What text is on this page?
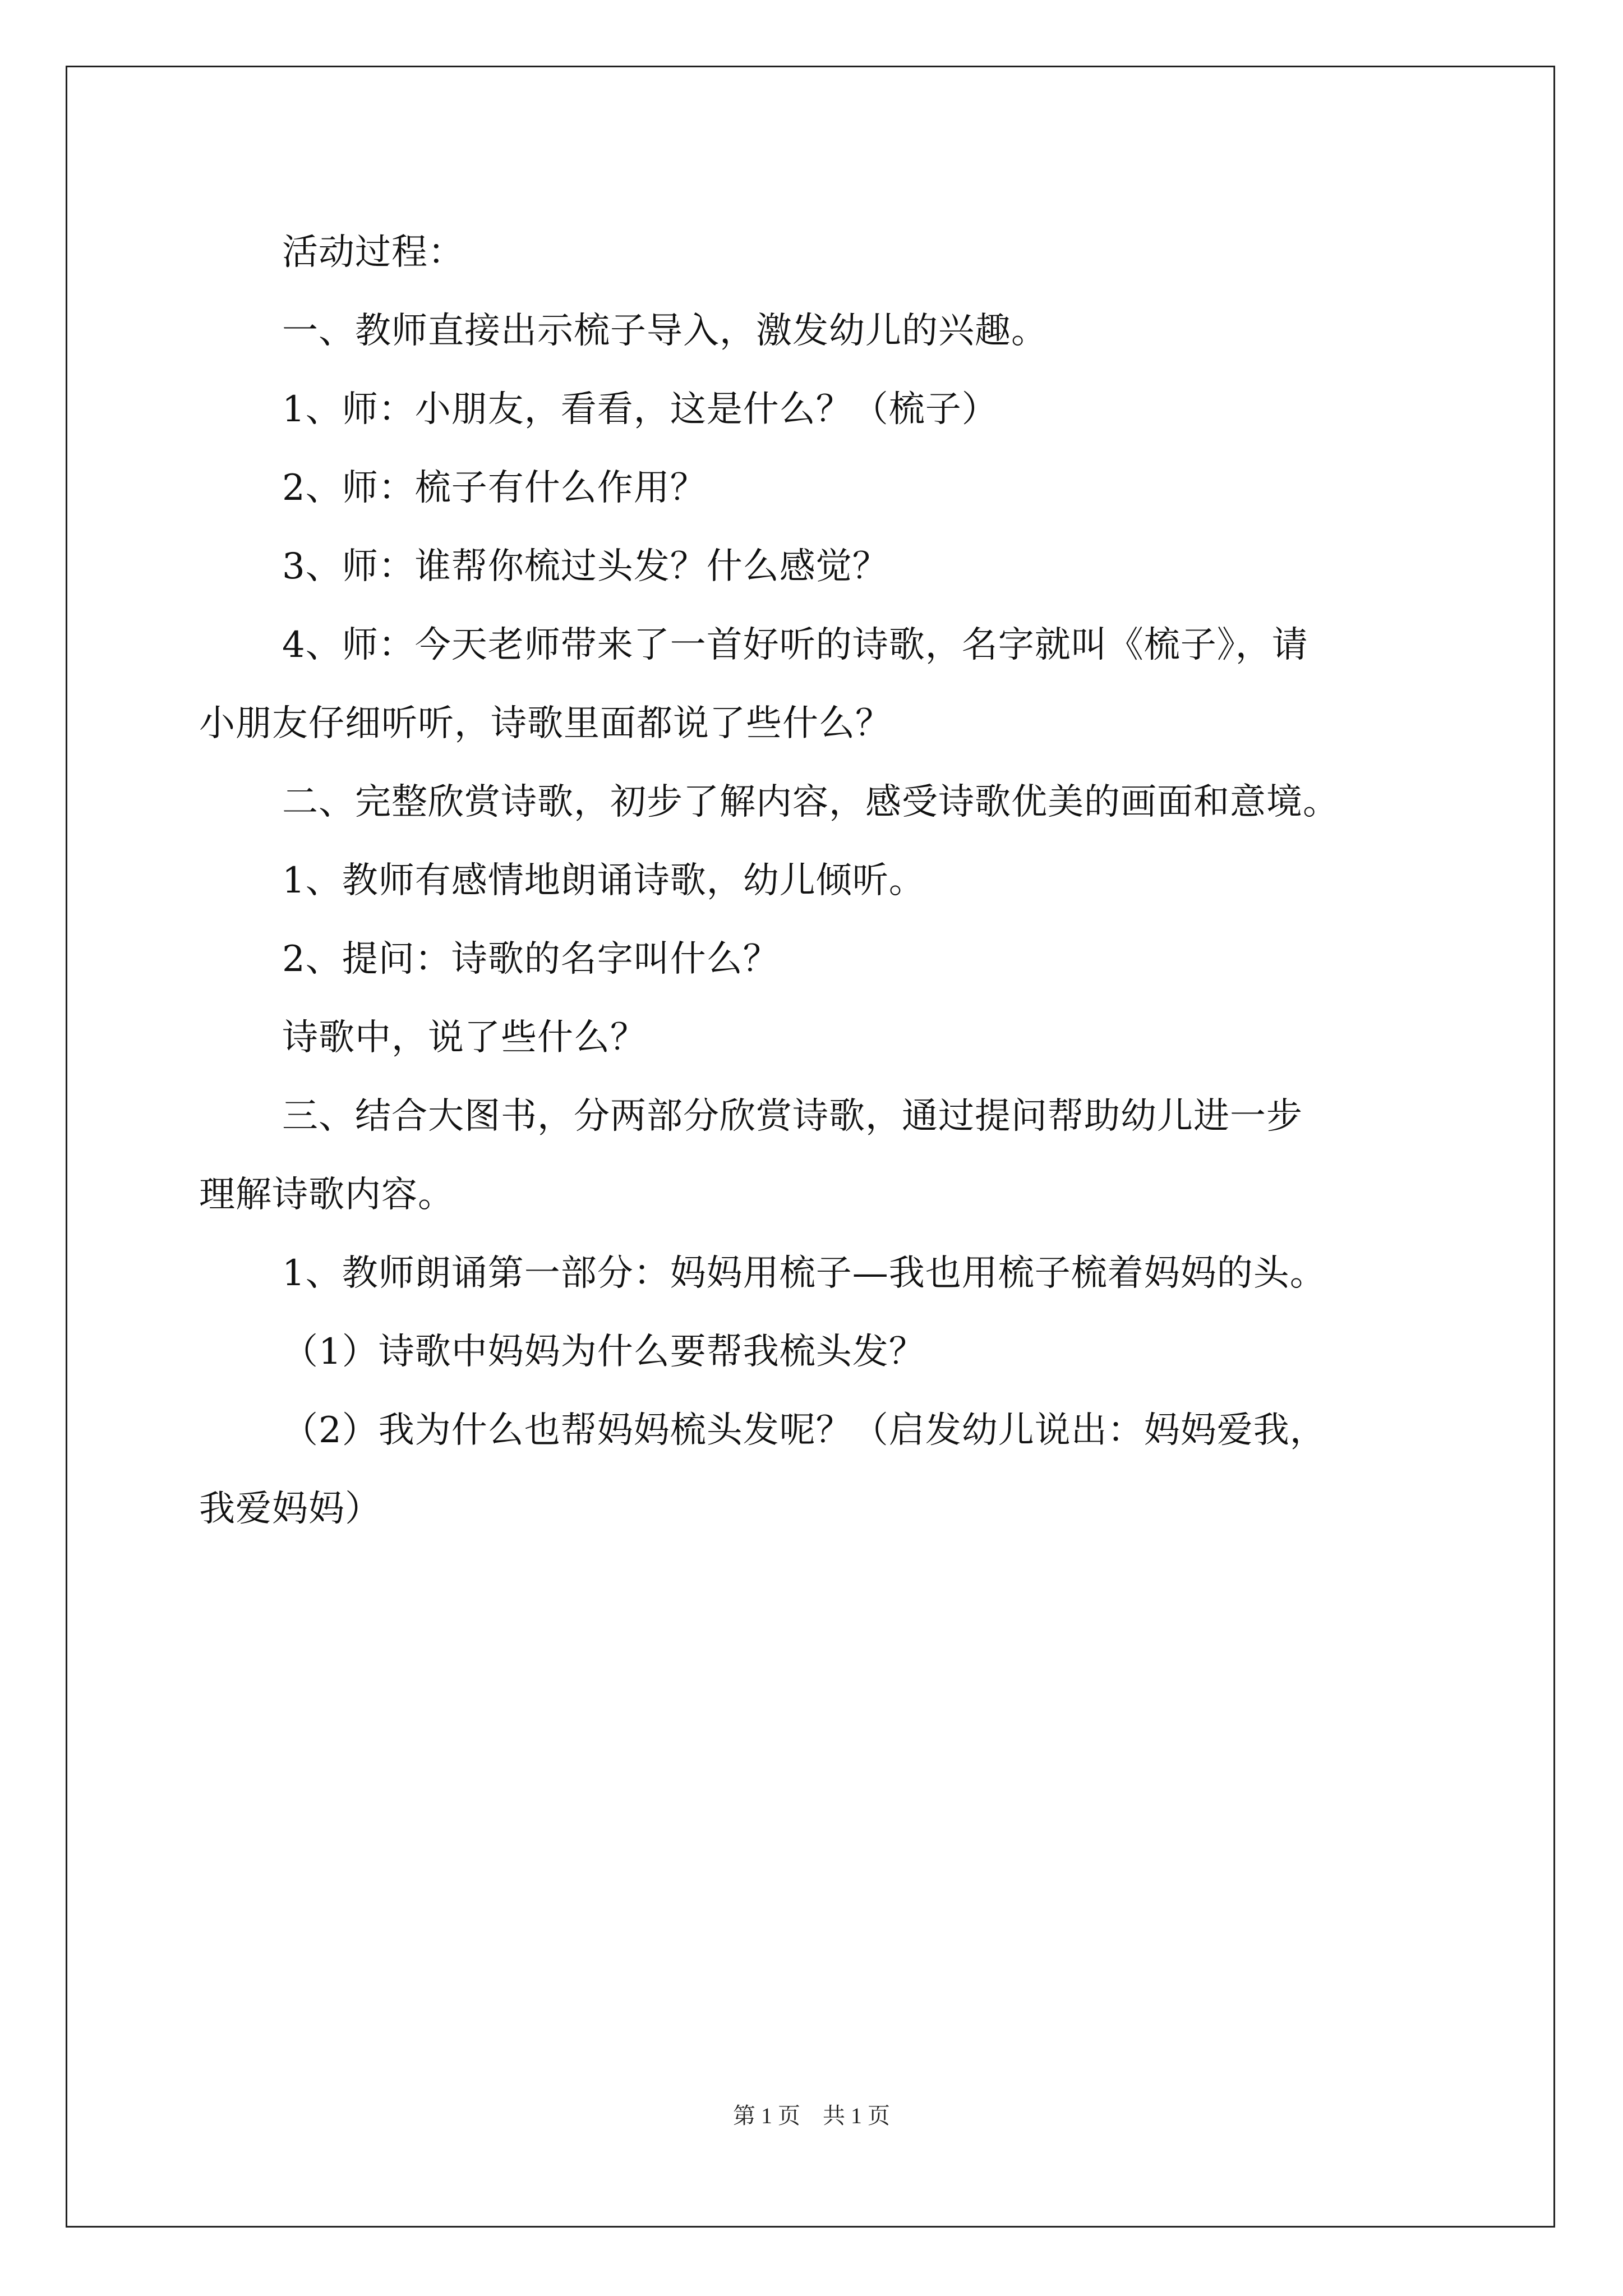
活动过程：

一、教师直接出示梳子导入，激发幼儿的兴趣。

1、师：小朋友，看看，这是什么？（梳子）

2、师：梳子有什么作用？

3、师：谁帮你梳过头发？什么感觉？

4、师：今天老师带来了一首好听的诗歌，名字就叫《梳子》，请

小朋友仔细听听，诗歌里面都说了些什么？

二、完整欣赏诗歌，初步了解内容，感受诗歌优美的画面和意境。

1、教师有感情地朗诵诗歌，幼儿倾听。

2、提问：诗歌的名字叫什么？

诗歌中，说了些什么？

三、结合大图书，分两部分欣赏诗歌，通过提问帮助幼儿进一步

理解诗歌内容。

1、教师朗诵第一部分：妈妈用梳子—我也用梳子梳着妈妈的头。

（1）诗歌中妈妈为什么要帮我梳头发？

（2）我为什么也帮妈妈梳头发呢？（启发幼儿说出：妈妈爱我，

我爱妈妈）

第 1 页　共 1 页
